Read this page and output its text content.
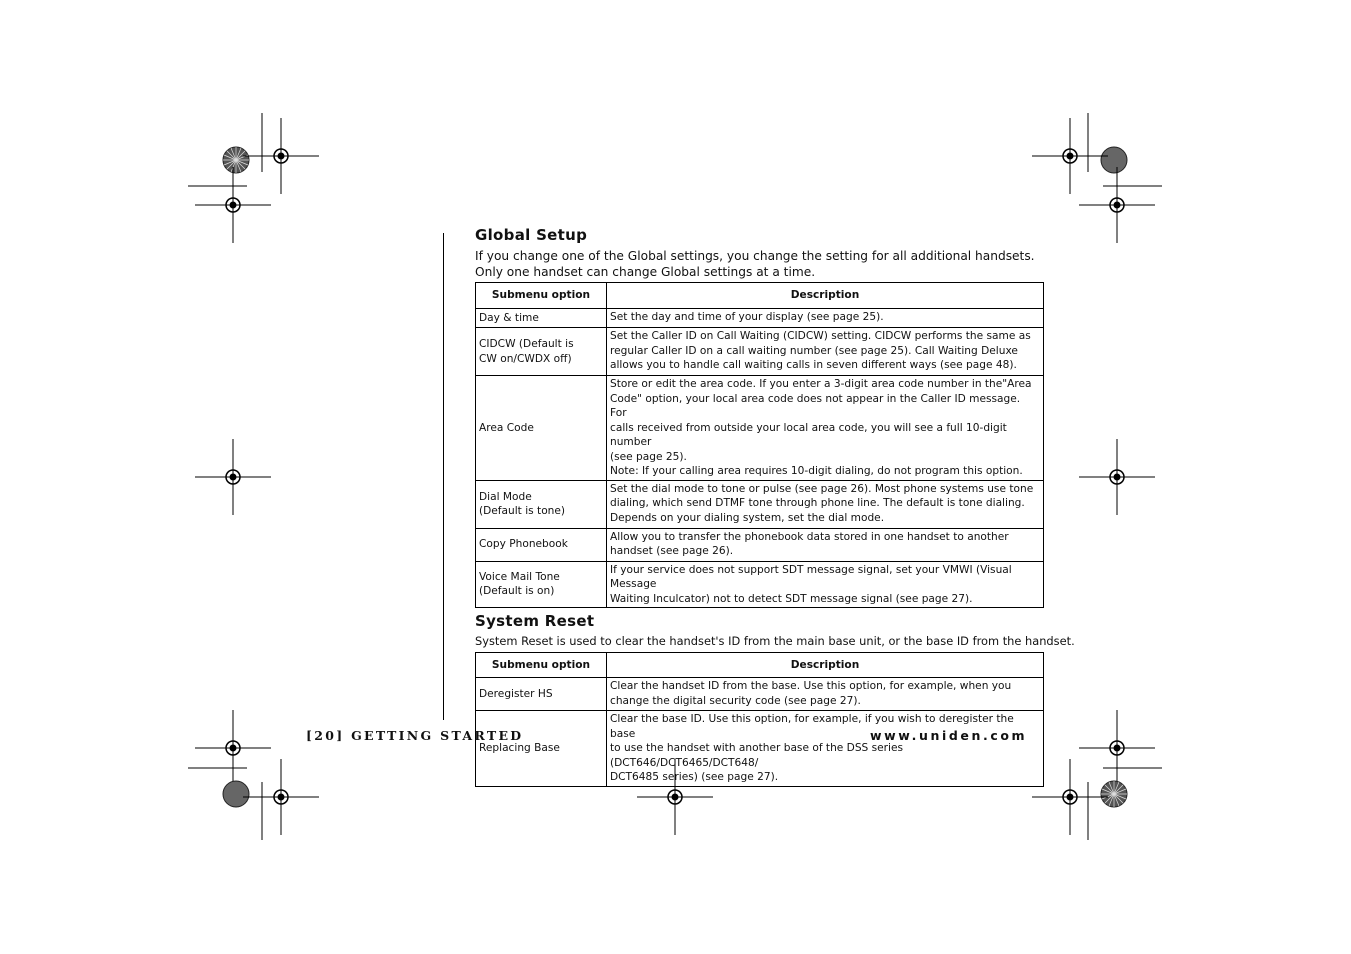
Global Setup
If you change one of the Global settings, you change the setting for all additional handsets.
Only one handset can change Global settings at a time.
Submenu option	Description
Day & time	Set the day and time of your display (see page 25).
CIDCW (Default is
CW on/CWDX off)	Set the Caller ID on Call Waiting (CIDCW) setting. CIDCW performs the same as
regular Caller ID on a call waiting number (see page 25). Call Waiting Deluxe
allows you to handle call waiting calls in seven different ways (see page 48).
Area Code	Store or edit the area code. If you enter a 3-digit area code number in the"Area
Code" option, your local area code does not appear in the Caller ID message. For
calls received from outside your local area code, you will see a full 10-digit number
(see page 25).
Note: If your calling area requires 10-digit dialing, do not program this option.
Dial Mode
(Default is tone)	Set the dial mode to tone or pulse (see page 26). Most phone systems use tone
dialing, which send DTMF tone through phone line. The default is tone dialing.
Depends on your dialing system, set the dial mode.
Copy Phonebook	Allow you to transfer the phonebook data stored in one handset to another
handset (see page 26).
Voice Mail Tone
(Default is on)	If your service does not support SDT message signal, set your VMWI (Visual Message
Waiting Inculcator) not to detect SDT message signal (see page 27).
System Reset
System Reset is used to clear the handset's ID from the main base unit, or the base ID from the handset.
Submenu option	Description
Deregister HS	Clear the handset ID from the base. Use this option, for example, when you
change the digital security code (see page 27).
Replacing Base	Clear the base ID. Use this option, for example, if you wish to deregister the base
to use the handset with another base of the DSS series (DCT646/DCT6465/DCT648/
DCT6485 series) (see page 27).
[20] GETTING STARTED	www.uniden.com
